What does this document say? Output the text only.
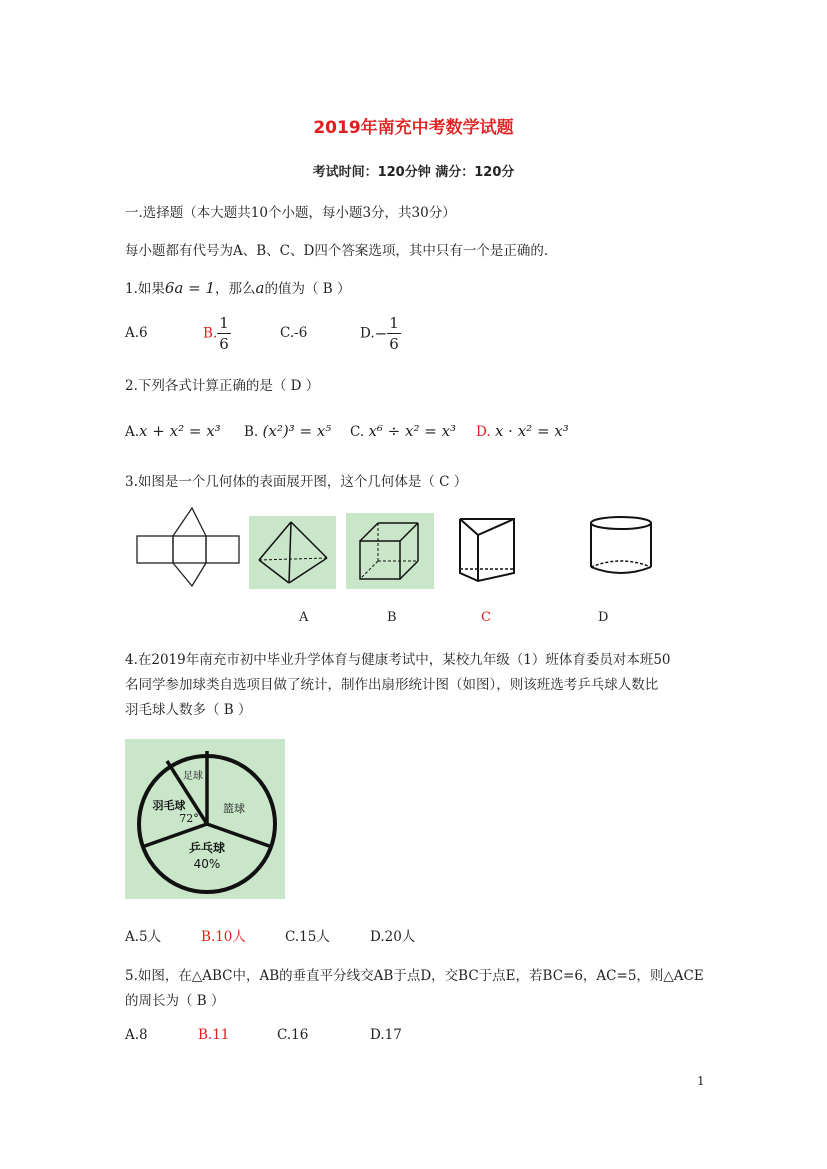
2019年南充中考数学试题
考试时间：120分钟 满分：120分
一.选择题（本大题共10个小题，每小题3分，共30分）
每小题都有代号为A、B、C、D四个答案选项，其中只有一个是正确的.
1.如果6a = 1，那么a的值为（ B ）
A.6	B. $\frac{1}{6}$	C.-6	$D.- \frac{1}{6}$
2.下列各式计算正确的是（ D ）
A.x + x² = x³ B. (x²)³ = x⁵ C. x⁶ ÷ x² = x³ D. x · x² = x³
3.如图是一个几何体的表面展开图，这个几何体是（ C ）
A	B	C	D
4.在2019年南充市初中毕业升学体育与健康考试中，某校九年级（1）班体育委员对本班50
名同学参加球类自选项目做了统计，制作出扇形统计图（如图），则该班选考乒乓球人数比
羽毛球人数多（ B ）
足球
篮球
羽毛球
72°
乒乓球
40%
A.5人	B.10人	C.15人	D.20人
5.如图，在△ABC中，AB的垂直平分线交AB于点D，交BC于点E，若BC=6，AC=5，则△ACE
的周长为（ B ）
A.8	B.11	C.16	D.17
1
